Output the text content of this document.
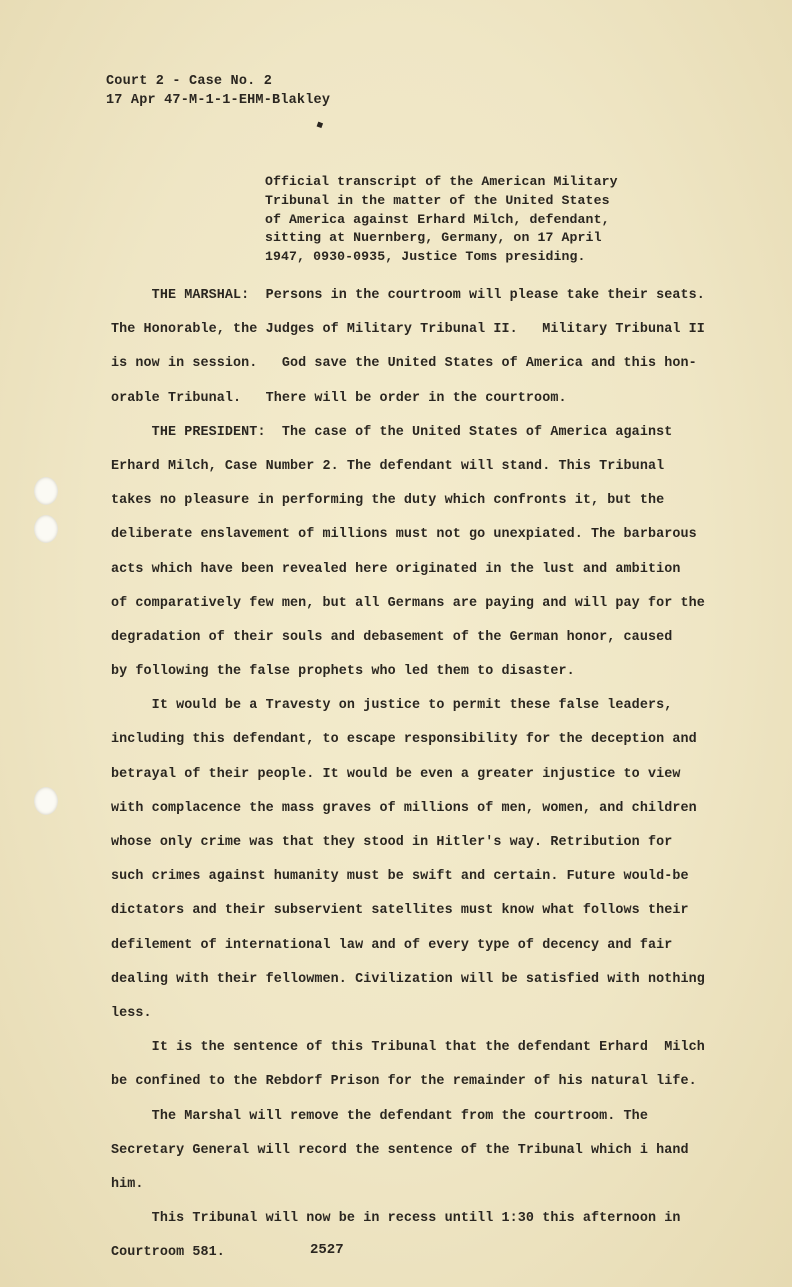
Court 2 - Case No. 2
17 Apr 47-M-1-1-EHM-Blakley
◆
Official transcript of the American Military
Tribunal in the matter of the United States
of America against Erhard Milch, defendant,
sitting at Nuernberg, Germany, on 17 April
1947, 0930-0935, Justice Toms presiding.
THE MARSHAL:  Persons in the courtroom will please take their seats.
The Honorable, the Judges of Military Tribunal II.   Military Tribunal II
is now in session.   God save the United States of America and this hon-
orable Tribunal.   There will be order in the courtroom.
THE PRESIDENT:  The case of the United States of America against
Erhard Milch, Case Number 2. The defendant will stand. This Tribunal
takes no pleasure in performing the duty which confronts it, but the
deliberate enslavement of millions must not go unexpiated. The barbarous
acts which have been revealed here originated in the lust and ambition
of comparatively few men, but all Germans are paying and will pay for the
degradation of their souls and debasement of the German honor, caused
by following the false prophets who led them to disaster.
It would be a Travesty on justice to permit these false leaders,
including this defendant, to escape responsibility for the deception and
betrayal of their people. It would be even a greater injustice to view
with complacence the mass graves of millions of men, women, and children
whose only crime was that they stood in Hitler's way. Retribution for
such crimes against humanity must be swift and certain. Future would-be
dictators and their subservient satellites must know what follows their
defilement of international law and of every type of decency and fair
dealing with their fellowmen. Civilization will be satisfied with nothing
less.
It is the sentence of this Tribunal that the defendant Erhard  Milch
be confined to the Rebdorf Prison for the remainder of his natural life.
The Marshal will remove the defendant from the courtroom. The
Secretary General will record the sentence of the Tribunal which i hand
him.
This Tribunal will now be in recess untill 1:30 this afternoon in
Courtroom 581.	2527
